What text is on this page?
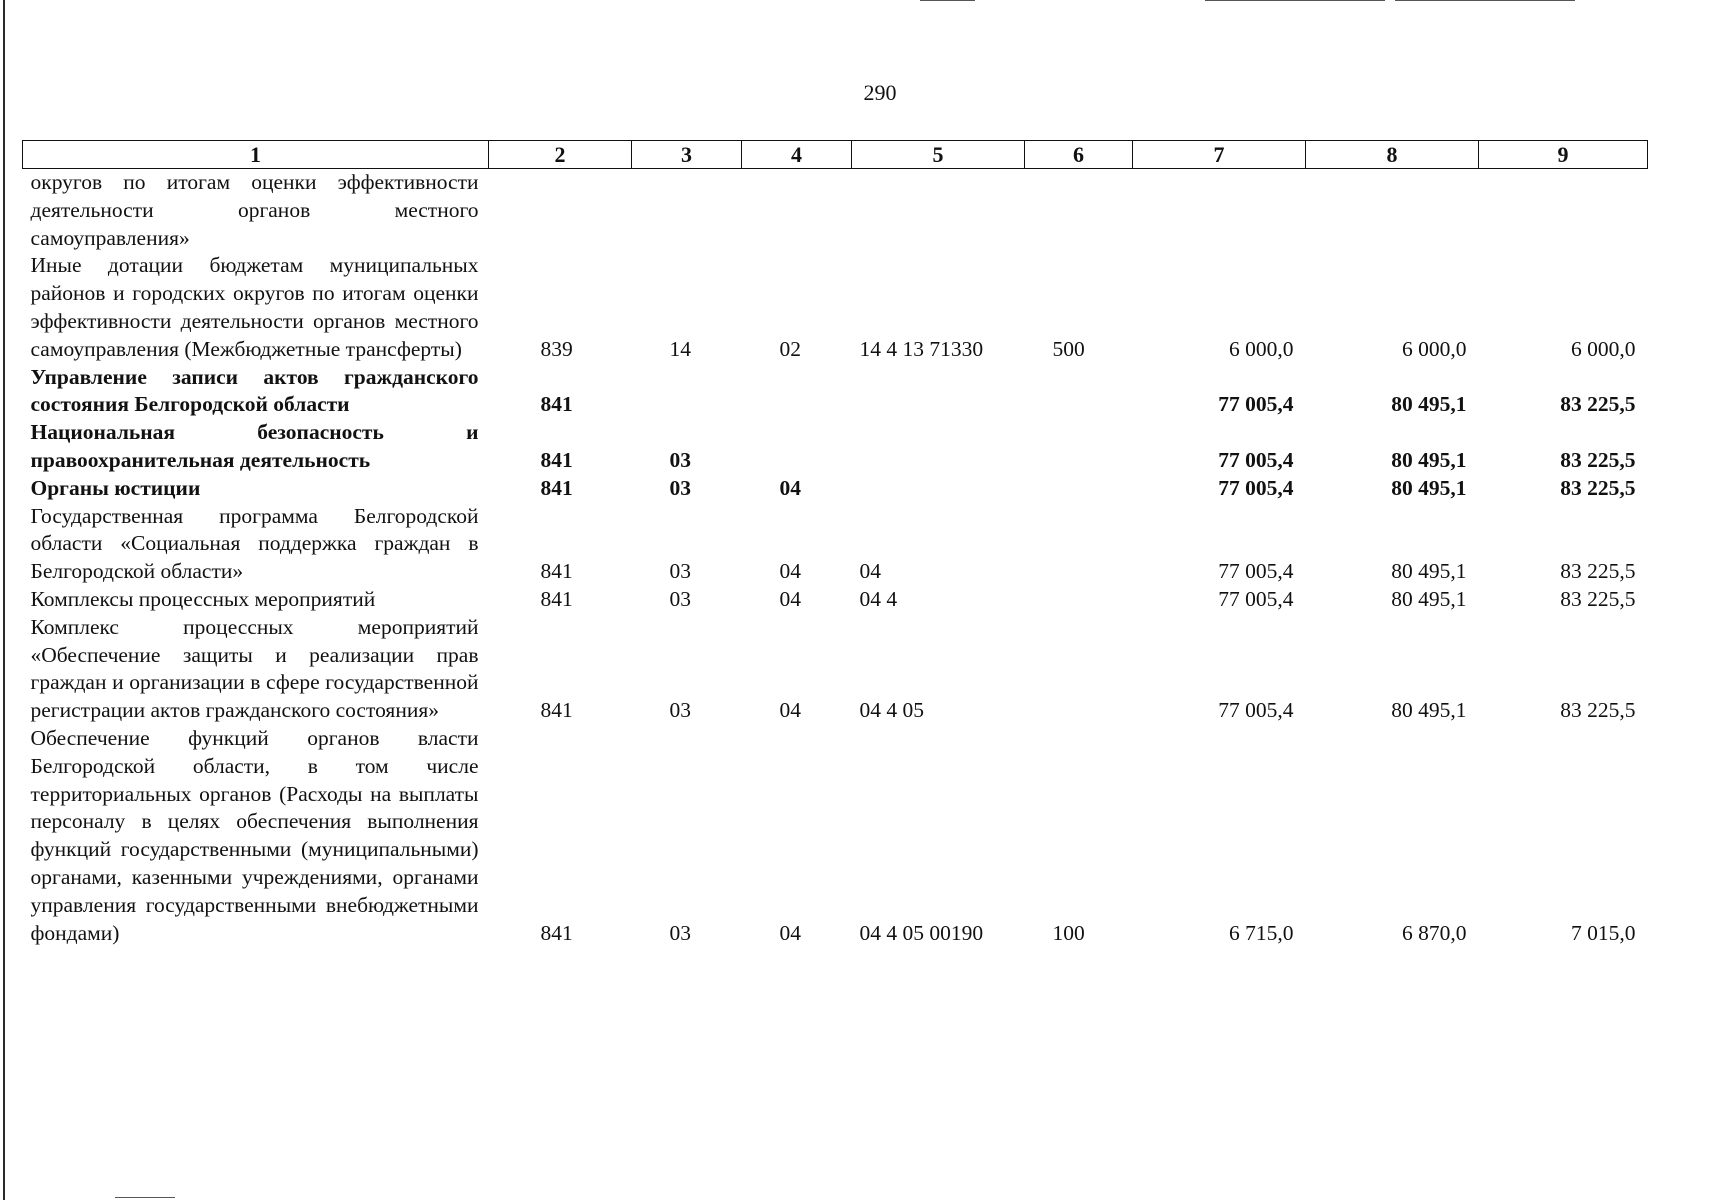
290
1	2	3	4	5	6	7	8	9
округов по итогам оценки эффективности деятельности органов местного самоуправления»								
Иные дотации бюджетам муниципальных районов и городских округов по итогам оценки эффективности деятельности органов местного самоуправления (Межбюджетные трансферты)	839	14	02	14 4 13 71330	500	6 000,0	6 000,0	6 000,0
Управление записи актов гражданского состояния Белгородской области	841					77 005,4	80 495,1	83 225,5
Национальная безопасность и правоохранительная деятельность	841	03				77 005,4	80 495,1	83 225,5
Органы юстиции	841	03	04			77 005,4	80 495,1	83 225,5
Государственная программа Белгородской области «Социальная поддержка граждан в Белгородской области»	841	03	04	04		77 005,4	80 495,1	83 225,5
Комплексы процессных мероприятий	841	03	04	04 4		77 005,4	80 495,1	83 225,5
Комплекс процессных мероприятий «Обеспечение защиты и реализации прав граждан и организации в сфере государственной регистрации актов гражданского состояния»	841	03	04	04 4 05		77 005,4	80 495,1	83 225,5
Обеспечение функций органов власти Белгородской области, в том числе территориальных органов (Расходы на выплаты персоналу в целях обеспечения выполнения функций государственными (муниципальными) органами, казенными учреждениями, органами управления государственными внебюджетными фондами)	841	03	04	04 4 05 00190	100	6 715,0	6 870,0	7 015,0
